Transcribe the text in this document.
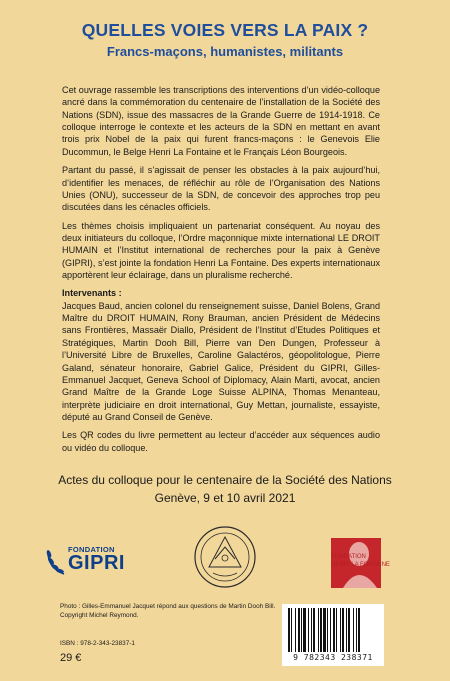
QUELLES VOIES VERS LA PAIX ?
Francs-maçons, humanistes, militants

Cet ouvrage rassemble les transcriptions des interventions d’un vidéo-colloque ancré dans la commémoration du centenaire de l’installation de la Société des Nations (SDN), issue des massacres de la Grande Guerre de 1914-1918. Ce colloque interroge le contexte et les acteurs de la SDN en mettant en avant trois prix Nobel de la paix qui furent francs-maçons : le Genevois Elie Ducommun, le Belge Henri La Fontaine et le Français Léon Bourgeois.

Partant du passé, il s’agissait de penser les obstacles à la paix aujourd’hui, d’identifier les menaces, de réfléchir au rôle de l’Organisation des Nations Unies (ONU), successeur de la SDN, de concevoir des approches trop peu discutées dans les cénacles officiels.

Les thèmes choisis impliquaient un partenariat conséquent. Au noyau des deux initiateurs du colloque, l’Ordre maçonnique mixte international LE DROIT HUMAIN et l’Institut international de recherches pour la paix à Genève (GIPRI), s’est jointe la fondation Henri La Fontaine. Des experts internationaux apportèrent leur éclairage, dans un pluralisme recherché.

Intervenants :

Jacques Baud, ancien colonel du renseignement suisse, Daniel Bolens, Grand Maître du DROIT HUMAIN, Rony Brauman, ancien Président de Médecins sans Frontières, Massaër Diallo, Président de l’Institut d’Etudes Politiques et Stratégiques, Martin Dooh Bill, Pierre van Den Dungen, Professeur à l’Université Libre de Bruxelles, Caroline Galactéros, géopolitologue, Pierre Galand, sénateur honoraire, Gabriel Galice, Président du GIPRI, Gilles-Emmanuel Jacquet, Geneva School of Diplomacy, Alain Marti, avocat, ancien Grand Maître de la Grande Loge Suisse ALPINA, Thomas Menanteau, interprète judiciaire en droit international, Guy Mettan, journaliste, essayiste, député au Grand Conseil de Genève.

Les QR codes du livre permettent au lecteur d’accéder aux séquences audio ou vidéo du colloque.

Actes du colloque pour le centenaire de la Société des Nations
Genève, 9 et 10 avril 2021
FONDATION
GIPRI	FONDATION
HENRI LA FONTAINE
Photo : Gilles-Emmanuel Jacquet répond aux questions de Martin Dooh Bill. Copyright Michel Reymond.
ISBN : 978-2-343-23837-1
29 €	9 782343 238371
